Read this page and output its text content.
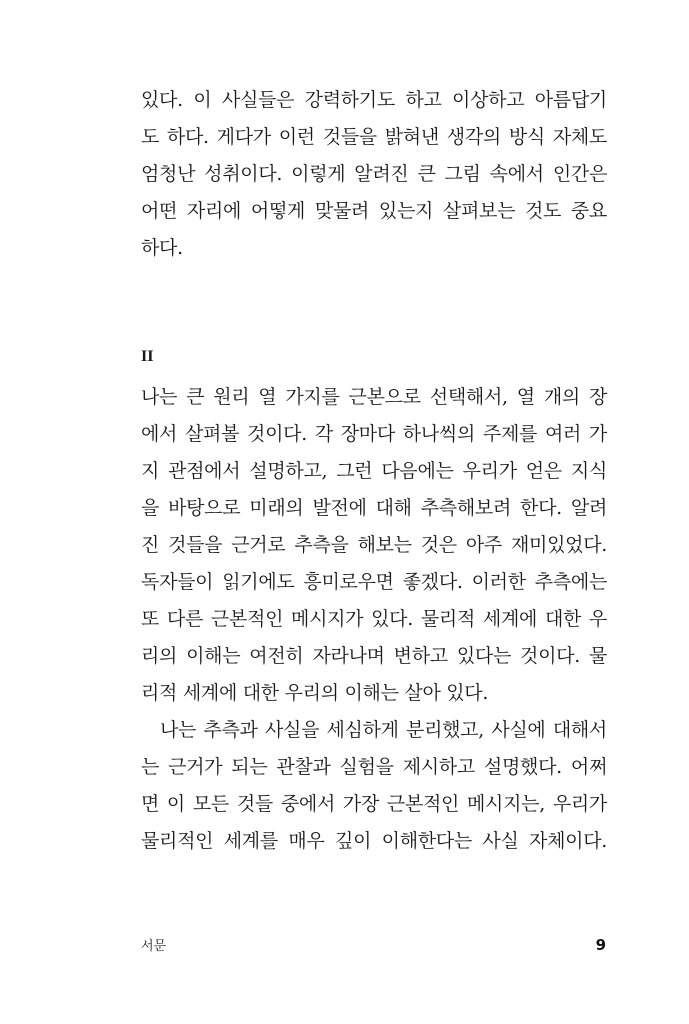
있다. 이 사실들은 강력하기도 하고 이상하고 아름답기
도 하다. 게다가 이런 것들을 밝혀낸 생각의 방식 자체도
엄청난 성취이다. 이렇게 알려진 큰 그림 속에서 인간은
어떤 자리에 어떻게 맞물려 있는지 살펴보는 것도 중요
하다.

II

나는 큰 원리 열 가지를 근본으로 선택해서, 열 개의 장
에서 살펴볼 것이다. 각 장마다 하나씩의 주제를 여러 가
지 관점에서 설명하고, 그런 다음에는 우리가 얻은 지식
을 바탕으로 미래의 발전에 대해 추측해보려 한다. 알려
진 것들을 근거로 추측을 해보는 것은 아주 재미있었다.
독자들이 읽기에도 흥미로우면 좋겠다. 이러한 추측에는
또 다른 근본적인 메시지가 있다. 물리적 세계에 대한 우
리의 이해는 여전히 자라나며 변하고 있다는 것이다. 물
리적 세계에 대한 우리의 이해는 살아 있다.

나는 추측과 사실을 세심하게 분리했고, 사실에 대해서
는 근거가 되는 관찰과 실험을 제시하고 설명했다. 어쩌
면 이 모든 것들 중에서 가장 근본적인 메시지는, 우리가
물리적인 세계를 매우 깊이 이해한다는 사실 자체이다.

서문	9
